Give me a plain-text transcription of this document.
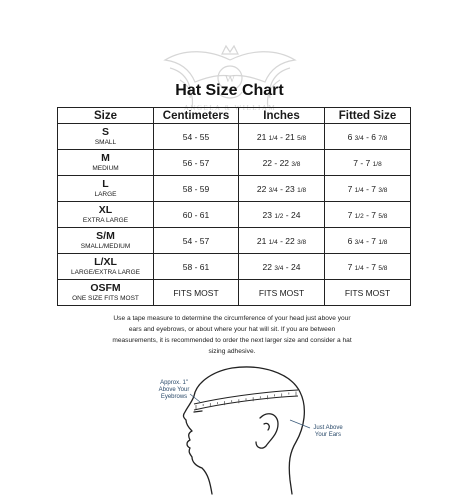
W
ANGELA & WILLIAM
Hat Size Chart
Size	Centimeters	Inches	Fitted Size

S
SMALL	54 - 55	21 1/4 - 21 5/8	6 3/4 - 6 7/8

M
MEDIUM	56 - 57	22 - 22 3/8	7 - 7 1/8

L
LARGE	58 - 59	22 3/4 - 23 1/8	7 1/4 - 7 3/8

XL
EXTRA LARGE	60 - 61	23 1/2 - 24	7 1/2 - 7 5/8

S/M
SMALL/MEDIUM	54 - 57	21 1/4 - 22 3/8	6 3/4 - 7 1/8

L/XL
LARGE/EXTRA LARGE	58 - 61	22 3/4 - 24	7 1/4 - 7 5/8

OSFM
ONE SIZE FITS MOST	FITS MOST	FITS MOST	FITS MOST
Use a tape measure to determine the circumference of your head just above your ears and eyebrows, or about where your hat will sit. If you are between measurements, it is recommended to order the next larger size and consider a hat sizing adhesive.
Approx. 1" Above Your Eyebrows
Just Above Your Ears
